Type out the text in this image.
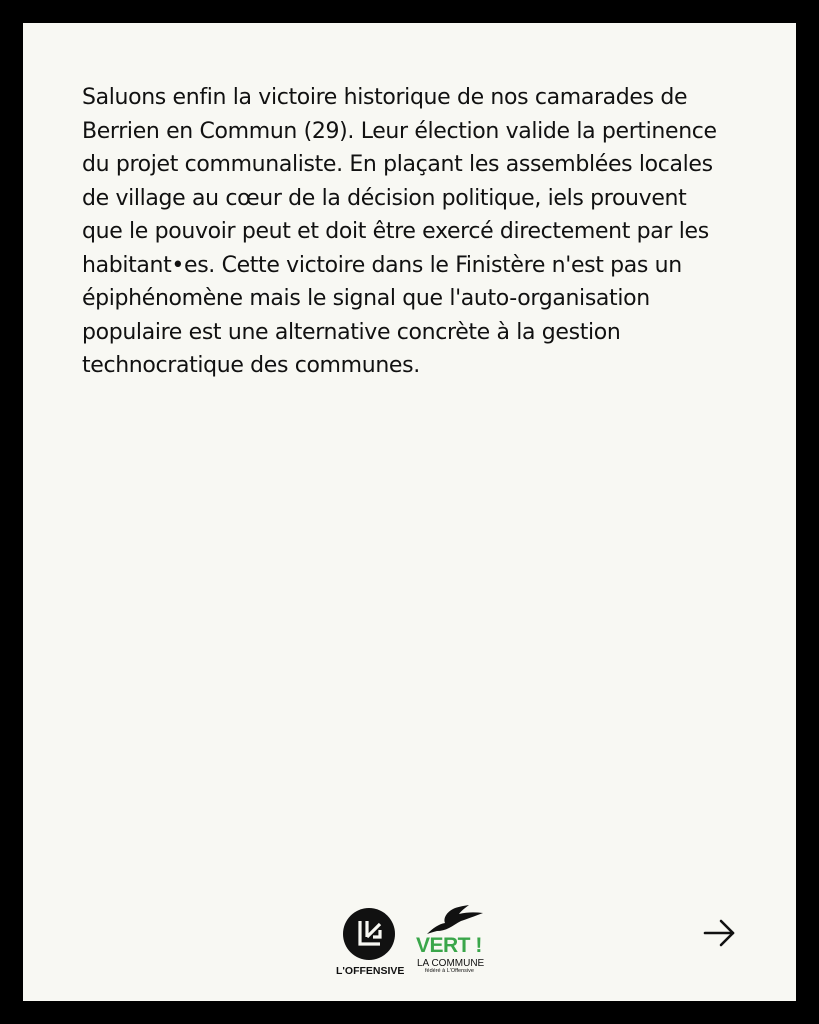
Saluons enfin la victoire historique de nos camarades de Berrien en Commun (29). Leur élection valide la pertinence du projet communaliste. En plaçant les assemblées locales de village au cœur de la décision politique, iels prouvent que le pouvoir peut et doit être exercé directement par les habitant•es. Cette victoire dans le Finistère n'est pas un épiphénomène mais le signal que l'auto-organisation populaire est une alternative concrète à la gestion technocratique des communes.

L'OFFENSIVE
VERT !
LA COMMUNE
fédéré à L'Offensive
